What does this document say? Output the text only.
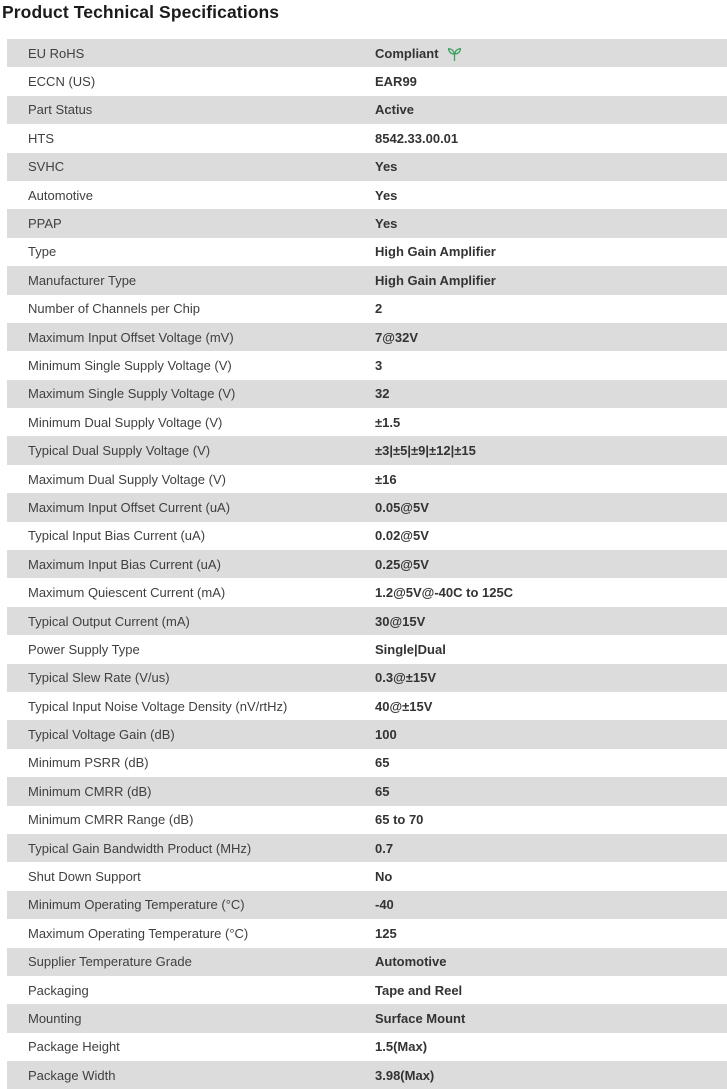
Product Technical Specifications
EU RoHS	Compliant
ECCN (US)	EAR99
Part Status	Active
HTS	8542.33.00.01
SVHC	Yes
Automotive	Yes
PPAP	Yes
Type	High Gain Amplifier
Manufacturer Type	High Gain Amplifier
Number of Channels per Chip	2
Maximum Input Offset Voltage (mV)	7@32V
Minimum Single Supply Voltage (V)	3
Maximum Single Supply Voltage (V)	32
Minimum Dual Supply Voltage (V)	±1.5
Typical Dual Supply Voltage (V)	±3|±5|±9|±12|±15
Maximum Dual Supply Voltage (V)	±16
Maximum Input Offset Current (uA)	0.05@5V
Typical Input Bias Current (uA)	0.02@5V
Maximum Input Bias Current (uA)	0.25@5V
Maximum Quiescent Current (mA)	1.2@5V@-40C to 125C
Typical Output Current (mA)	30@15V
Power Supply Type	Single|Dual
Typical Slew Rate (V/us)	0.3@±15V
Typical Input Noise Voltage Density (nV/rtHz)	40@±15V
Typical Voltage Gain (dB)	100
Minimum PSRR (dB)	65
Minimum CMRR (dB)	65
Minimum CMRR Range (dB)	65 to 70
Typical Gain Bandwidth Product (MHz)	0.7
Shut Down Support	No
Minimum Operating Temperature (°C)	-40
Maximum Operating Temperature (°C)	125
Supplier Temperature Grade	Automotive
Packaging	Tape and Reel
Mounting	Surface Mount
Package Height	1.5(Max)
Package Width	3.98(Max)
